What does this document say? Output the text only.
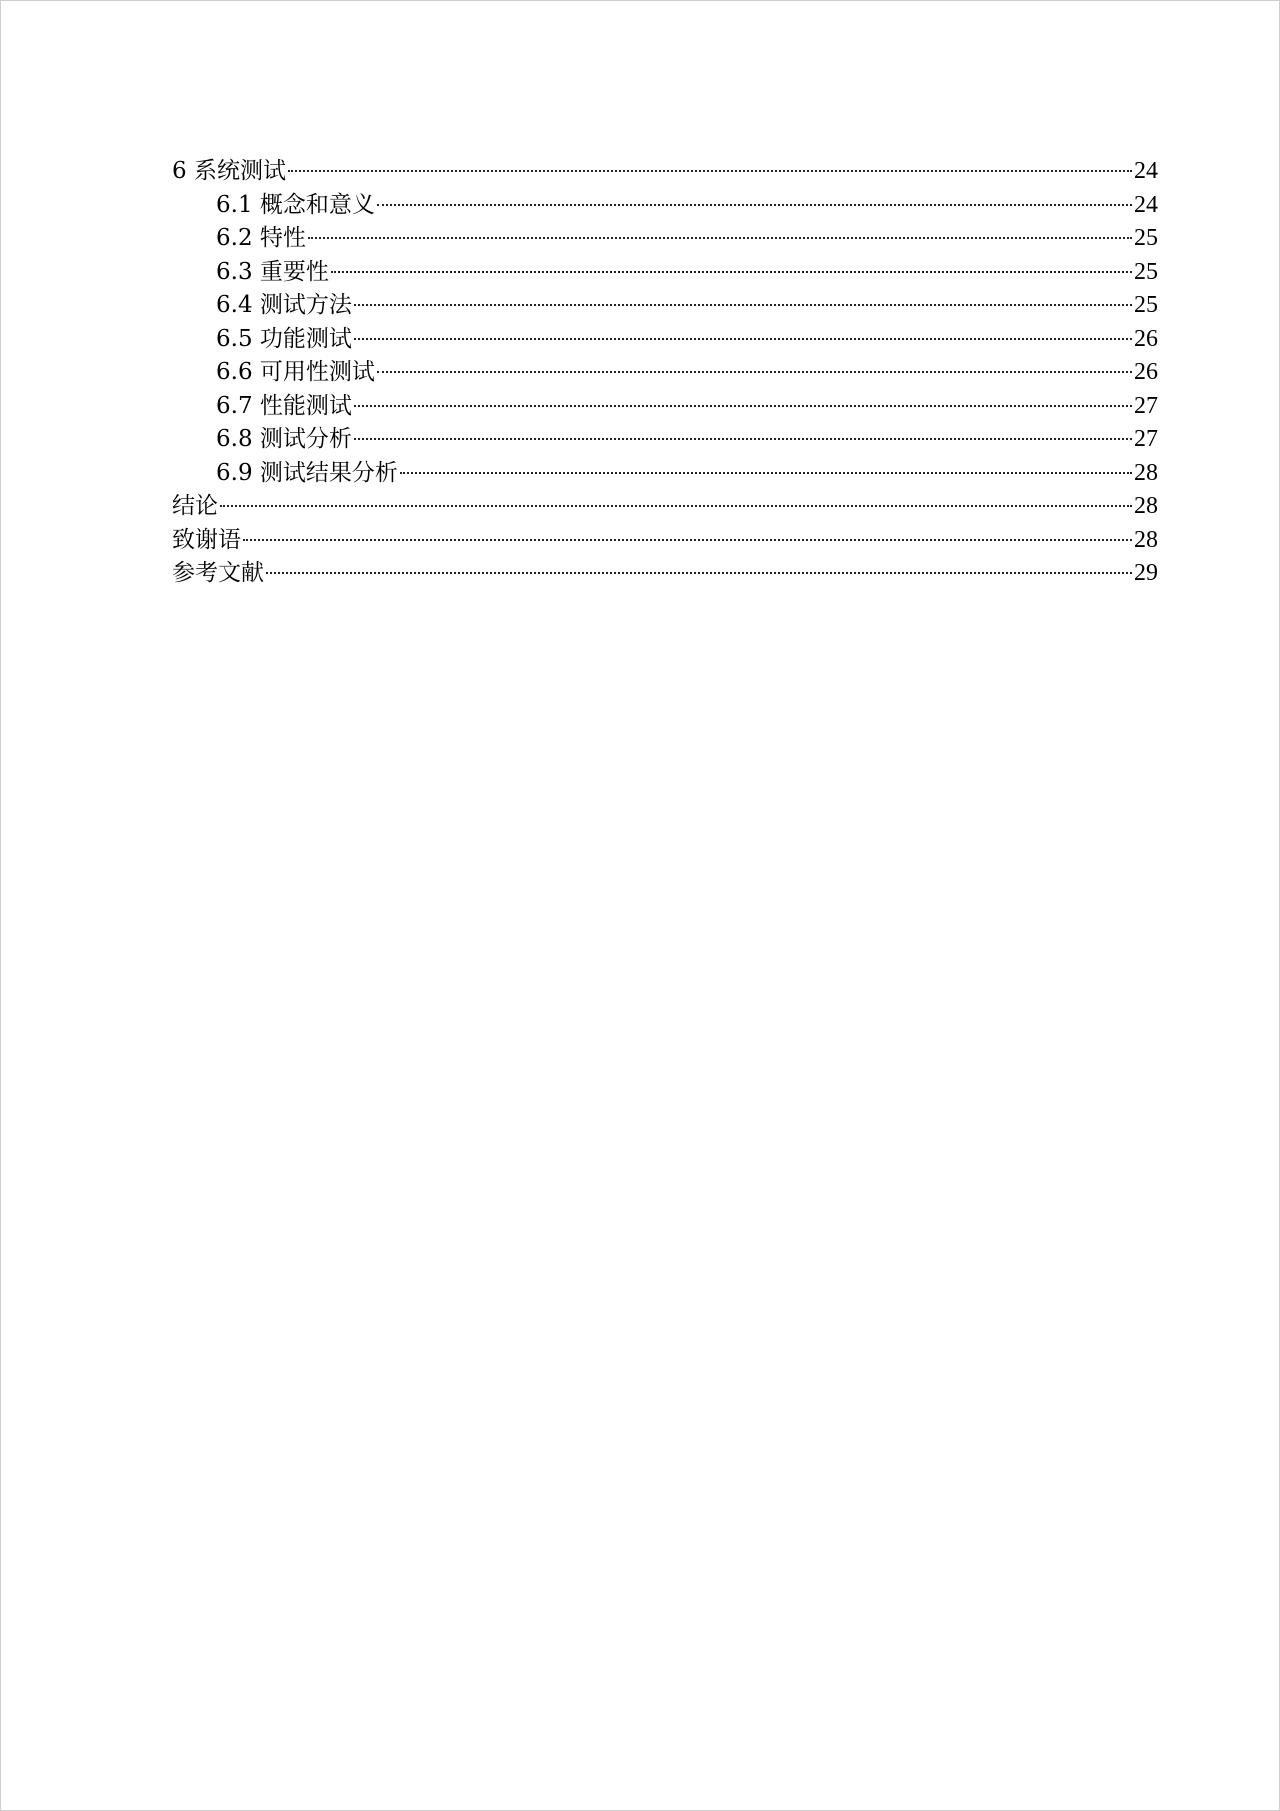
6 系统测试	24
6.1 概念和意义	24
6.2 特性	25
6.3 重要性	25
6.4 测试方法	25
6.5 功能测试	26
6.6 可用性测试	26
6.7 性能测试	27
6.8 测试分析	27
6.9 测试结果分析	28
结论	28
致谢语	28
参考文献	29
